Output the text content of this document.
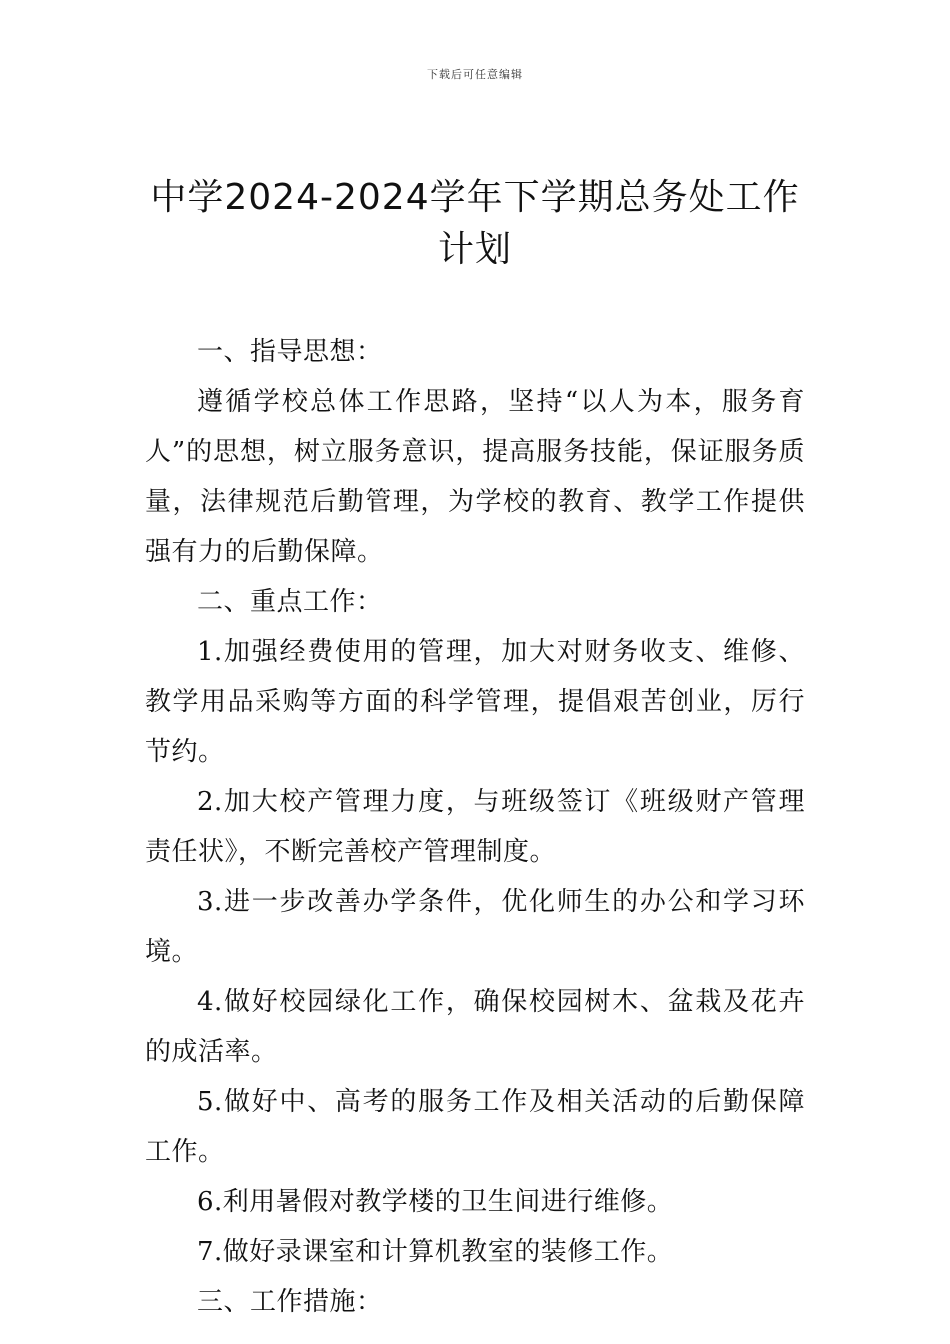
下载后可任意编辑
中学2024-2024学年下学期总务处工作计划

一、指导思想：

遵循学校总体工作思路，坚持“以人为本，服务育人”的思想，树立服务意识，提高服务技能，保证服务质量，法律规范后勤管理，为学校的教育、教学工作提供强有力的后勤保障。

二、重点工作：

1.加强经费使用的管理，加大对财务收支、维修、教学用品采购等方面的科学管理，提倡艰苦创业，厉行节约。

2.加大校产管理力度，与班级签订《班级财产管理责任状》，不断完善校产管理制度。

3.进一步改善办学条件，优化师生的办公和学习环境。

4.做好校园绿化工作，确保校园树木、盆栽及花卉的成活率。

5.做好中、高考的服务工作及相关活动的后勤保障工作。

6.利用暑假对教学楼的卫生间进行维修。

7.做好录课室和计算机教室的装修工作。

三、工作措施：
